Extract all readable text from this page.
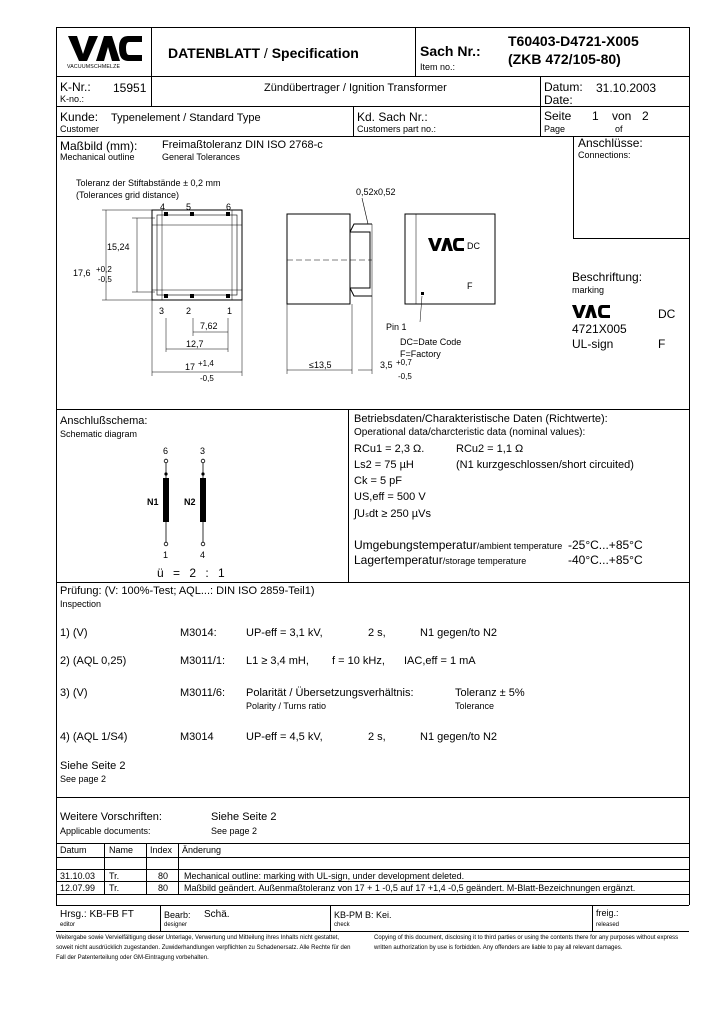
VACUUMSCHMELZE
DATENBLATT / Specification	Sach Nr.:
Item no.:
T60403-D4721-X005
(ZKB 472/105-80)
K-Nr.:
K-no.:
15951	Zündübertrager / Ignition Transformer	Datum: 31.10.2003
Date:
Kunde:
Customer
Typenelement / Standard Type	Kd. Sach Nr.:
Customers part no.:
Seite 1 von 2
Page	of
Maßbild (mm):
Mechanical outline
Freimaßtoleranz DIN ISO 2768-c
General Tolerances
Toleranz der Stiftabstände ± 0,2 mm
(Tolerances grid distance)
4 5	6
3 2	1
15,24
17,6 +0,2
-0,5
7,62
12,7
17 +1,4
-0,5
≤13,5	3,5 +0,7
-0,5
0,52x0,52
DC
F
Pin 1
DC=Date Code
F=Factory
Anschlüsse:
Connections:
Beschriftung:
marking
DC
4721X005
UL-sign	F
Anschlußschema:
Schematic diagram
6	3
N1	N2
1	4
ü = 2 : 1
Betriebsdaten/Charakteristische Daten (Richtwerte):
Operational data/charcteristic data (nominal values):
RCu1 = 2,3 Ω.	RCu2 = 1,1 Ω
Ls2 = 75 µH	(N1 kurzgeschlossen/short circuited)
Ck = 5 pF
US,eff = 500 V
∫Uₛdt ≥ 250 µVs
Umgebungstemperatur/ambient temperature -25°C...+85°C
Lagertemperatur/storage temperature	-40°C...+85°C
Prüfung: (V: 100%-Test; AQL...: DIN ISO 2859-Teil1)
Inspection
1) (V)	M3014:	UP-eff = 3,1 kV,	2 s,	N1 gegen/to N2
2) (AQL 0,25)	M3011/1: L1 ≥ 3,4 mH, f = 10 kHz, IAC,eff = 1 mA
3) (V)	M3011/6: Polarität / Übersetzungsverhältnis:	Toleranz ± 5%
Polarity / Turns ratio	Tolerance
4) (AQL 1/S4)	M3014	UP-eff = 4,5 kV,	2 s,	N1 gegen/to N2
Siehe Seite 2
See page 2
Weitere Vorschriften:
Applicable documents:
Siehe Seite 2
See page 2
Datum Name Index Änderung
31.10.03 Tr.	80 Mechanical outline: marking with UL-sign, under development deleted.
12.07.99 Tr.	80 Maßbild geändert. Außenmaßtoleranz von 17 + 1 -0,5 auf 17 +1,4 -0,5 geändert. M-Blatt-Bezeichnungen ergänzt.
Hrsg.: KB-FB FT
editor
Bearb: Schä.
designer
KB-PM B: Kei.
check
freig.:
released
Weitergabe sowie Vervielfältigung dieser Unterlage, Verwertung und Mitteilung ihres Inhalts nicht gestattet, soweit nicht ausdrücklich zugestanden. Zuwiderhandlungen verpflichten zu Schadenersatz. Alle Rechte für den Fall der Patenterteilung oder GM-Eintragung vorbehalten.
Copying of this document, disclosing it to third parties or using the contents there for any purposes without express written authorization by use is forbidden. Any offenders are liable to pay all relevant damages.
